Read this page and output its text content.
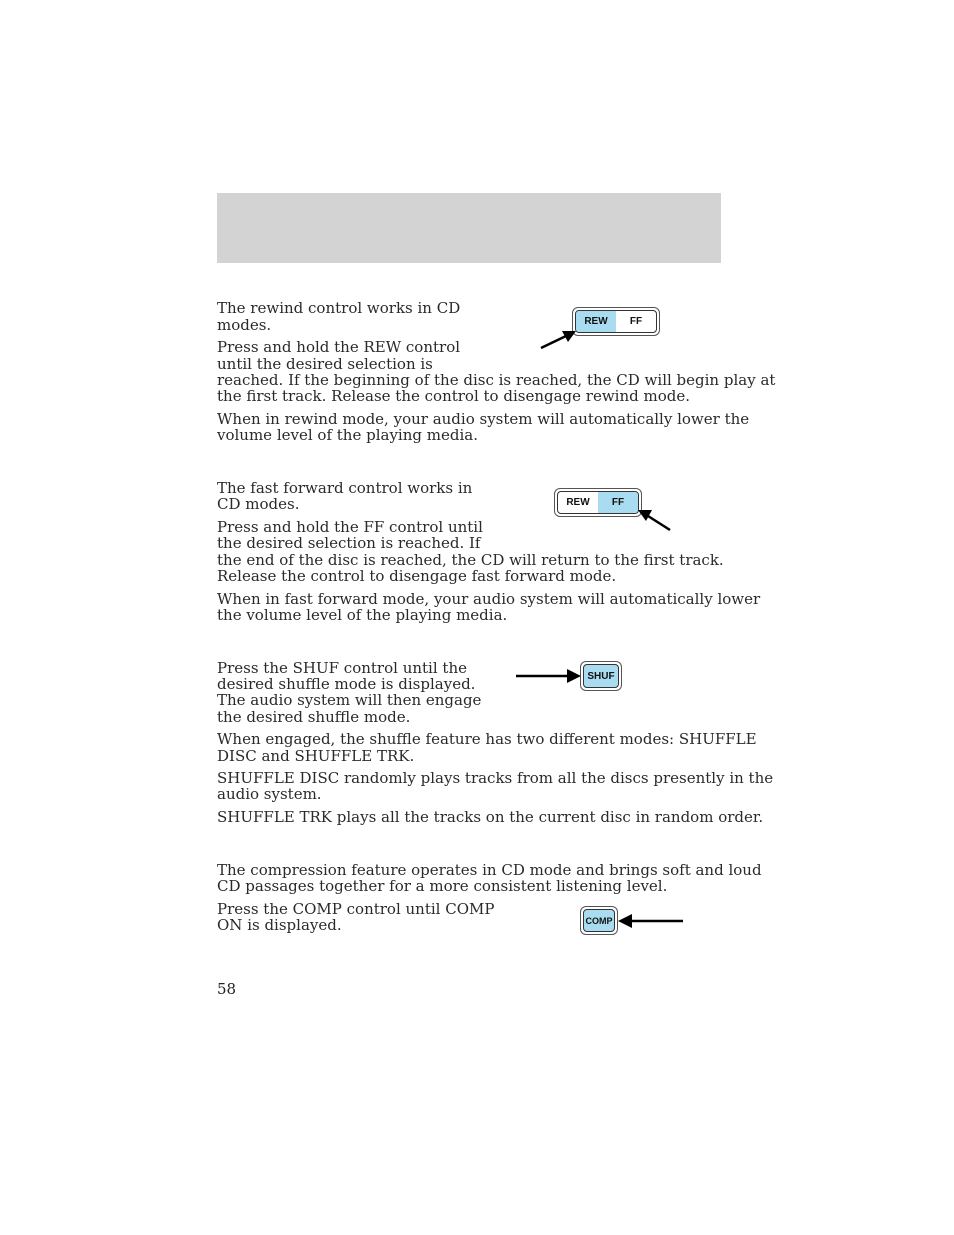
The rewind control works in CD

modes.

Press and hold the REW control

until the desired selection is

reached. If the beginning of the disc is reached, the CD will begin play at

the first track. Release the control to disengage rewind mode.

When in rewind mode, your audio system will automatically lower the

volume level of the playing media.

REW	FF

The fast forward control works in

CD modes.

Press and hold the FF control until

the desired selection is reached. If

the end of the disc is reached, the CD will return to the first track.

Release the control to disengage fast forward mode.

When in fast forward mode, your audio system will automatically lower

the volume level of the playing media.

REW	FF

Press the SHUF control until the

desired shuffle mode is displayed.

The audio system will then engage

the desired shuffle mode.

When engaged, the shuffle feature has two different modes: SHUFFLE

DISC and SHUFFLE TRK.

SHUFFLE DISC randomly plays tracks from all the discs presently in the

audio system.

SHUFFLE TRK plays all the tracks on the current disc in random order.

SHUF

The compression feature operates in CD mode and brings soft and loud

CD passages together for a more consistent listening level.

Press the COMP control until COMP

ON is displayed.	COMP

58
